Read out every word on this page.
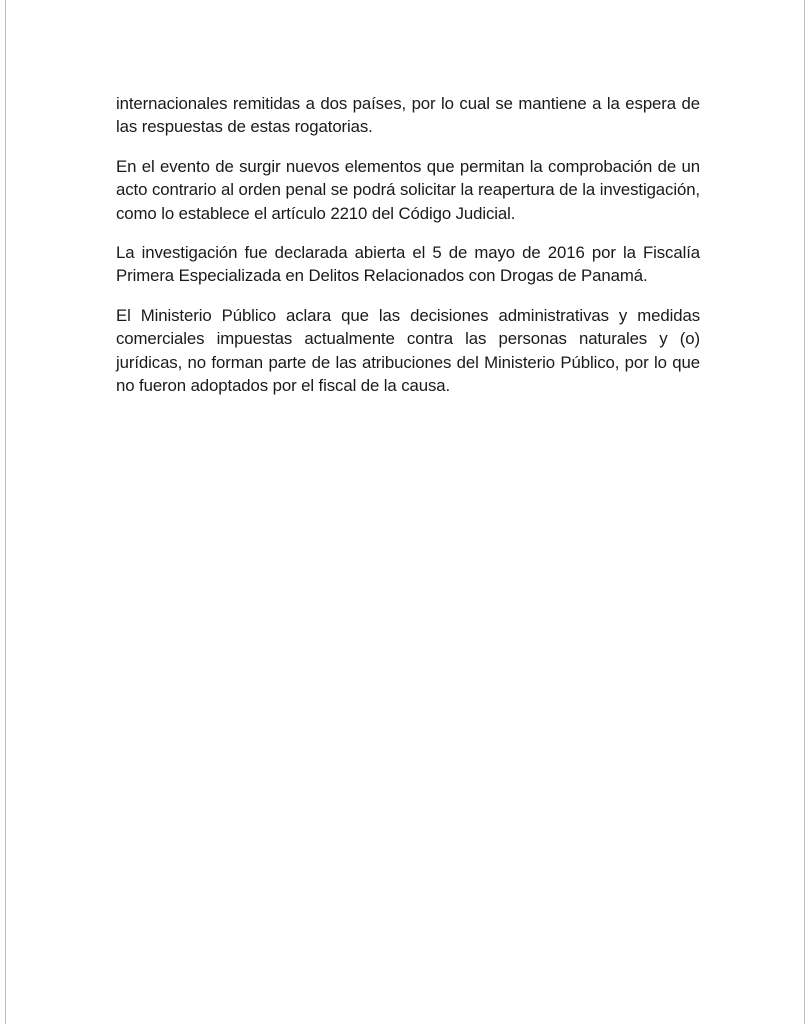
internacionales remitidas a dos países, por lo cual se mantiene a la espera de las respuestas de estas rogatorias.

En el evento de surgir nuevos elementos que permitan la comprobación de un acto contrario al orden penal se podrá solicitar la reapertura de la investigación, como lo establece el artículo 2210 del Código Judicial.

La investigación fue declarada abierta el 5 de mayo de 2016 por la Fiscalía Primera Especializada en Delitos Relacionados con Drogas de Panamá.

El Ministerio Público aclara que las decisiones administrativas y medidas comerciales impuestas actualmente contra las personas naturales y (o) jurídicas, no forman parte de las atribuciones del Ministerio Público, por lo que no fueron adoptados por el fiscal de la causa.
